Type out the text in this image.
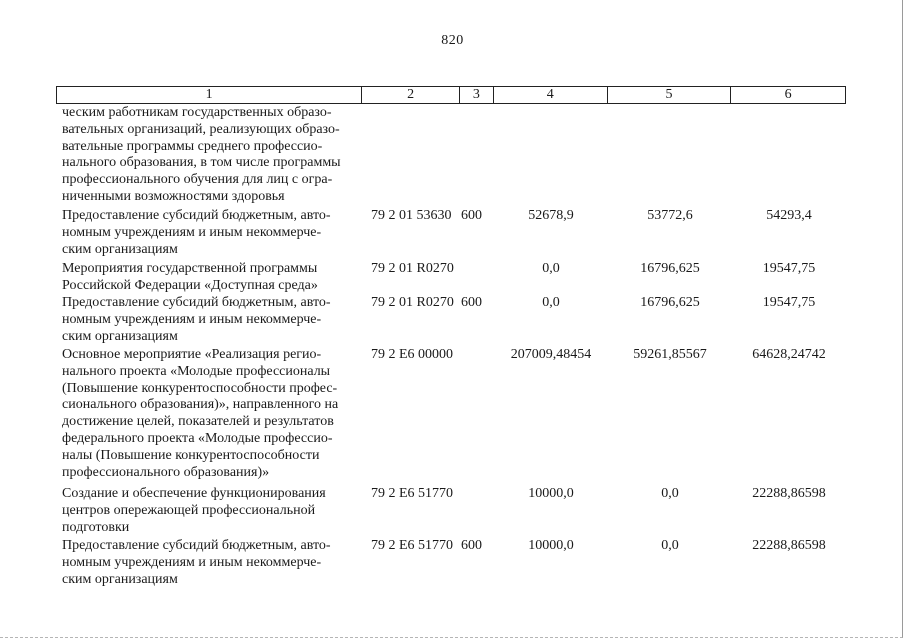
820
1	2	3	4	5	6
ческим работникам государственных образо-
вательных организаций, реализующих образо-
вательные программы среднего профессио-
нального образования, в том числе программы
профессионального обучения для лиц с огра-
ниченными возможностями здоровья
Предоставление субсидий бюджетным, авто-
номным учреждениям и иным некоммерче-
ским организациям
79 2 01 53630 600	52678,9	53772,6	54293,4
Мероприятия государственной программы
Российской Федерации «Доступная среда»
79 2 01 R0270	0,0	16796,625	19547,75
Предоставление субсидий бюджетным, авто-
номным учреждениям и иным некоммерче-
ским организациям
79 2 01 R0270 600	0,0	16796,625	19547,75
Основное мероприятие «Реализация регио-
нального проекта «Молодые профессионалы
(Повышение конкурентоспособности профес-
сионального образования)», направленного на
достижение целей, показателей и результатов
федерального проекта «Молодые профессио-
налы (Повышение конкурентоспособности
профессионального образования)»
79 2 E6 00000	207009,48454	59261,85567	64628,24742
Создание и обеспечение функционирования
центров опережающей профессиональной
подготовки
79 2 E6 51770	10000,0	0,0	22288,86598
Предоставление субсидий бюджетным, авто-
номным учреждениям и иным некоммерче-
ским организациям
79 2 E6 51770 600	10000,0	0,0	22288,86598
